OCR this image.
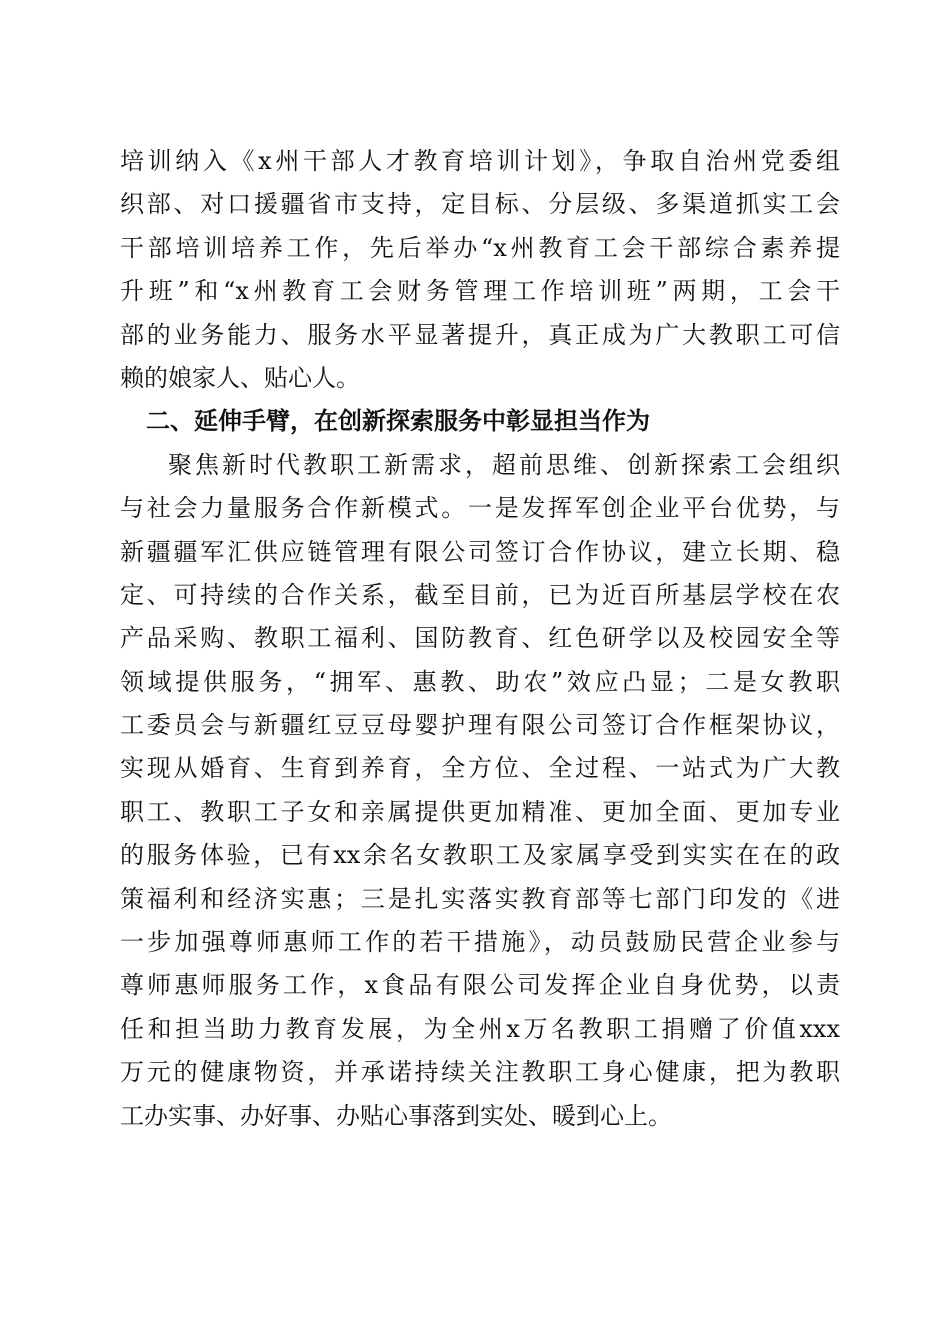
培训纳入《x州干部人才教育培训计划》，争取自治州党委组
织部、对口援疆省市支持，定目标、分层级、多渠道抓实工会
干部培训培养工作，先后举办“x州教育工会干部综合素养提
升班”和“x州教育工会财务管理工作培训班”两期，工会干
部的业务能力、服务水平显著提升，真正成为广大教职工可信
赖的娘家人、贴心人。
二、延伸手臂，在创新探索服务中彰显担当作为
聚焦新时代教职工新需求，超前思维、创新探索工会组织
与社会力量服务合作新模式。一是发挥军创企业平台优势，与
新疆疆军汇供应链管理有限公司签订合作协议，建立长期、稳
定、可持续的合作关系，截至目前，已为近百所基层学校在农
产品采购、教职工福利、国防教育、红色研学以及校园安全等
领域提供服务，“拥军、惠教、助农”效应凸显；二是女教职
工委员会与新疆红豆豆母婴护理有限公司签订合作框架协议，
实现从婚育、生育到养育，全方位、全过程、一站式为广大教
职工、教职工子女和亲属提供更加精准、更加全面、更加专业
的服务体验，已有xx余名女教职工及家属享受到实实在在的政
策福利和经济实惠；三是扎实落实教育部等七部门印发的《进
一步加强尊师惠师工作的若干措施》，动员鼓励民营企业参与
尊师惠师服务工作，x食品有限公司发挥企业自身优势，以责
任和担当助力教育发展，为全州x万名教职工捐赠了价值xxx
万元的健康物资，并承诺持续关注教职工身心健康，把为教职
工办实事、办好事、办贴心事落到实处、暖到心上。
